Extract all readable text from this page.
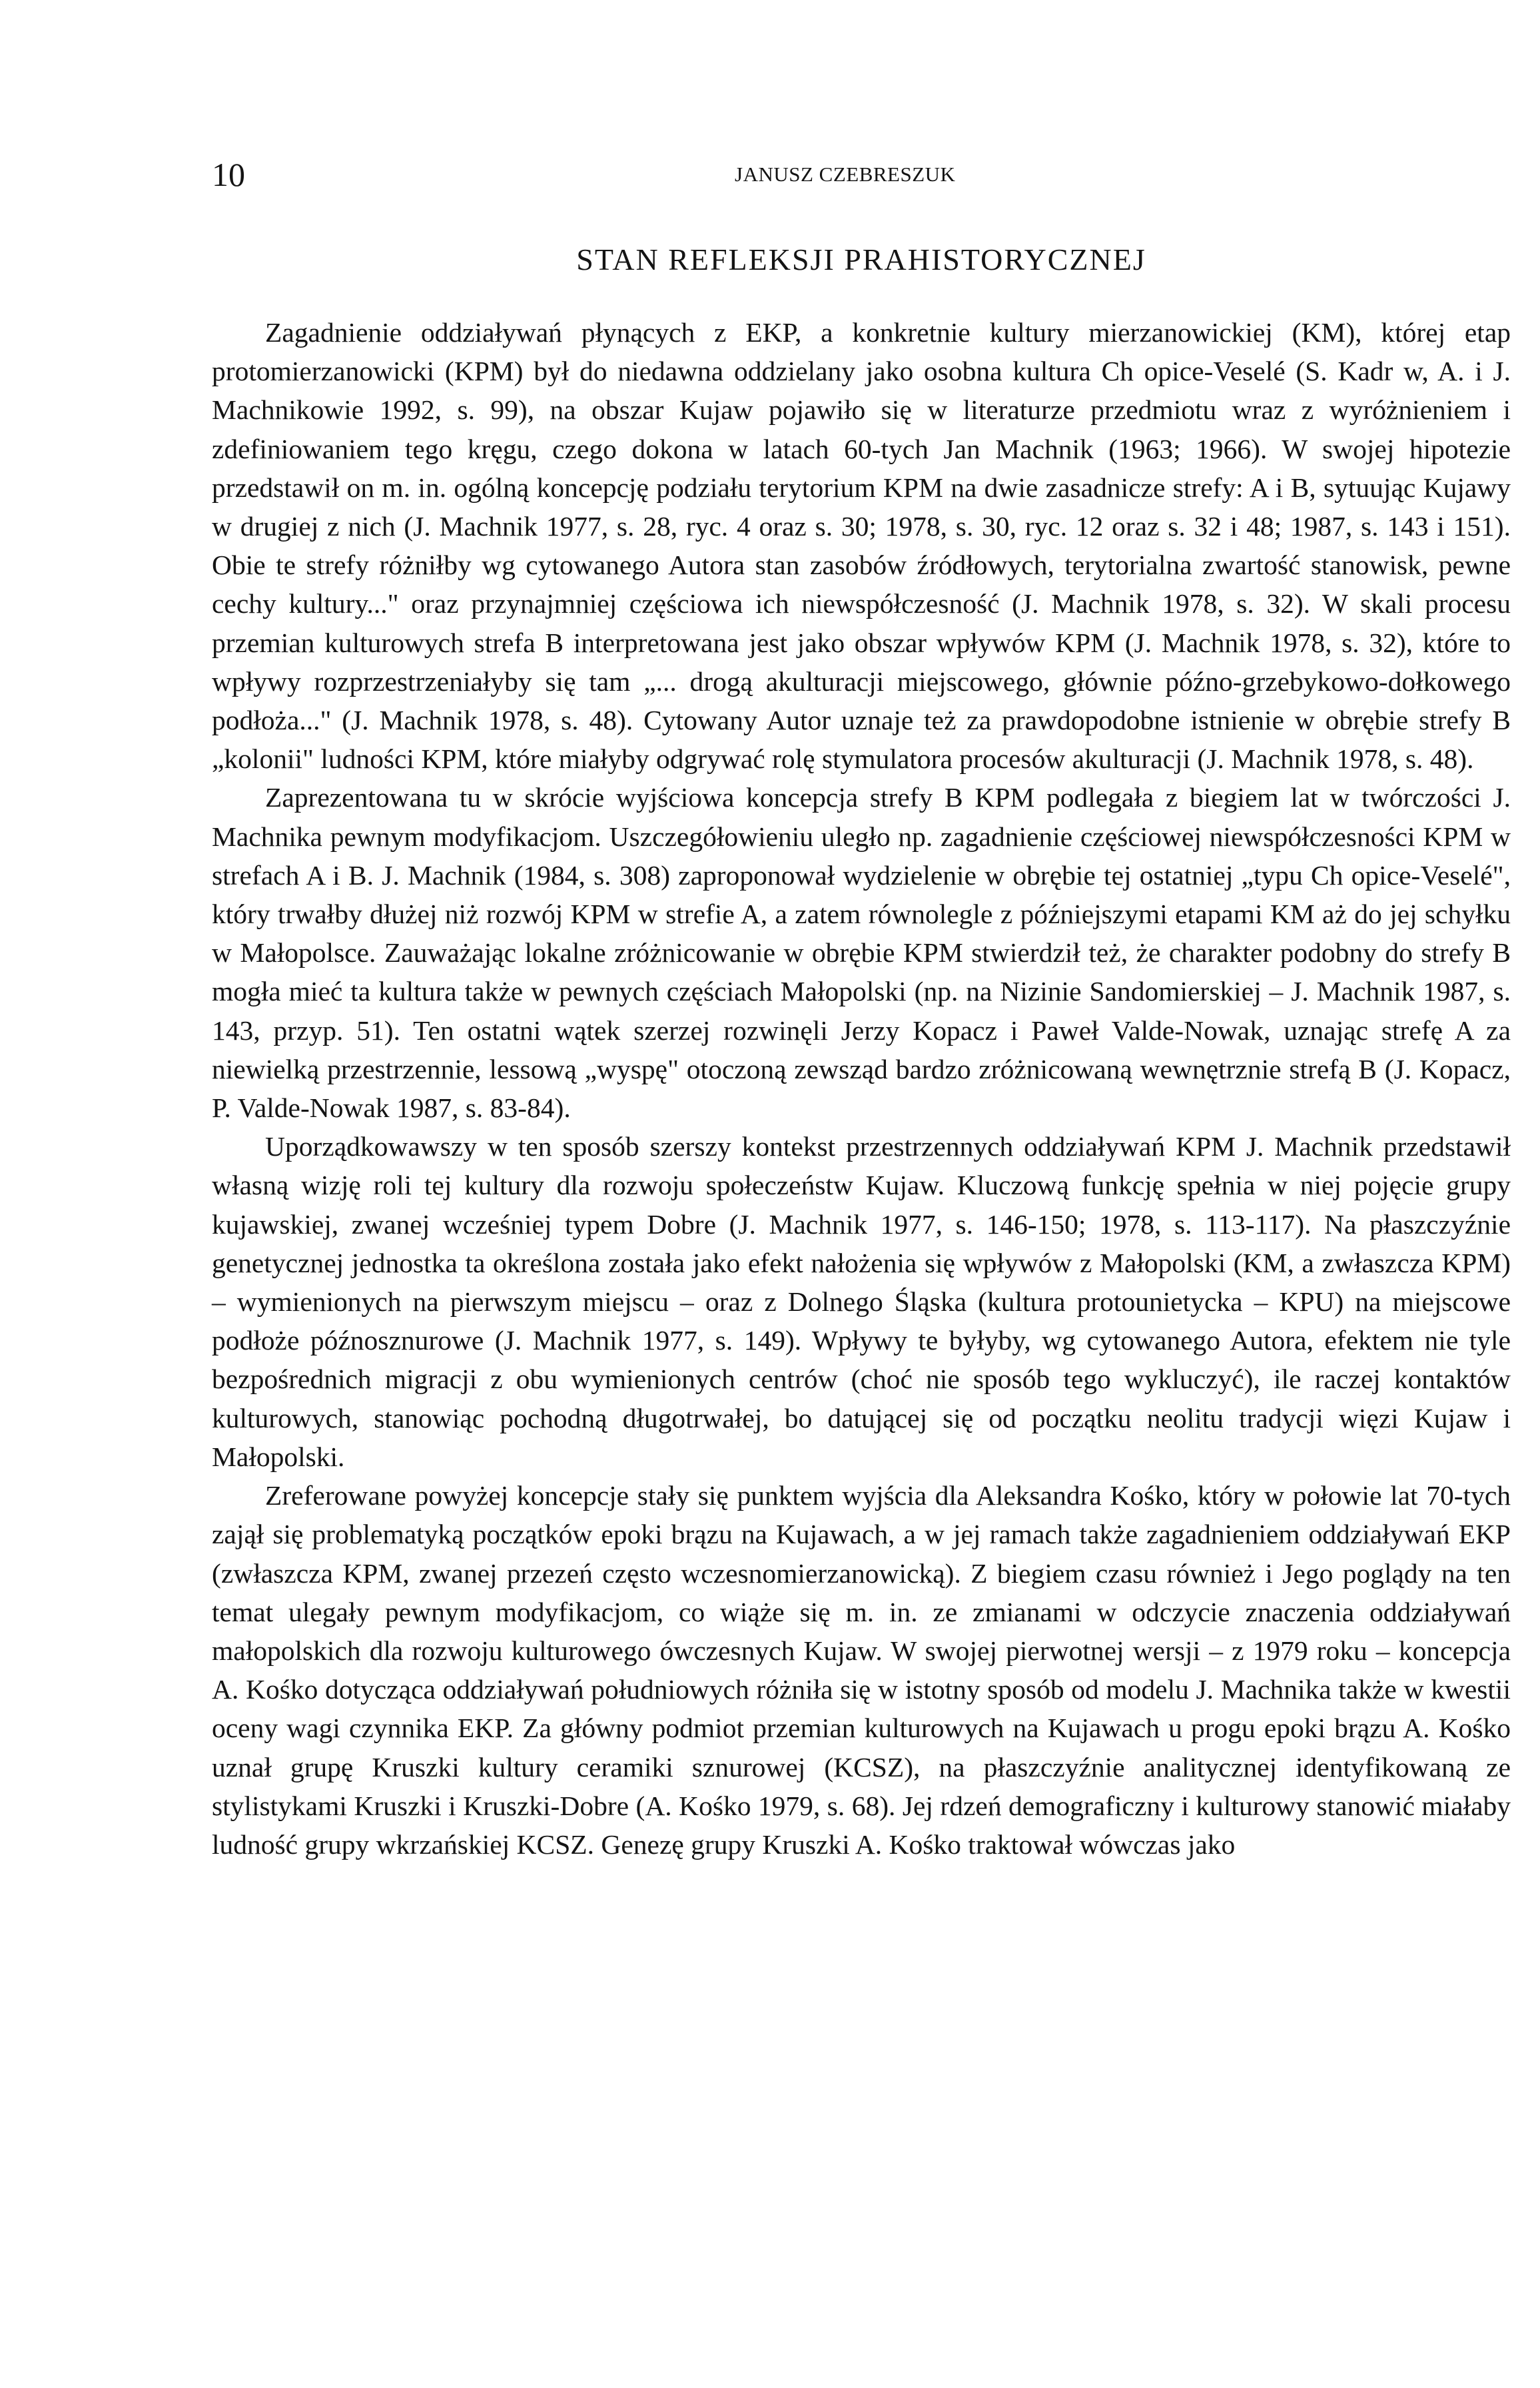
10	JANUSZ CZEBRESZUK
STAN REFLEKSJI PRAHISTORYCZNEJ

Zagadnienie oddziaływań płynących z EKP, a konkretnie kultury mierzanowickiej (KM), której etap protomierzanowicki (KPM) był do niedawna oddzielany jako osobna kultura Ch opice-Veselé (S. Kadr w, A. i J. Machnikowie 1992, s. 99), na obszar Kujaw pojawiło się w literaturze przedmiotu wraz z wyróżnieniem i zdefiniowaniem tego kręgu, czego dokona w latach 60-tych Jan Machnik (1963; 1966). W swojej hipotezie przedstawił on m. in. ogólną koncepcję podziału terytorium KPM na dwie zasadnicze strefy: A i B, sytuując Kujawy w drugiej z nich (J. Machnik 1977, s. 28, ryc. 4 oraz s. 30; 1978, s. 30, ryc. 12 oraz s. 32 i 48; 1987, s. 143 i 151). Obie te strefy różniłby wg cytowanego Autora stan zasobów źródłowych, terytorialna zwartość stanowisk, pewne cechy kultury..." oraz przynajmniej częściowa ich niewspółczesność (J. Machnik 1978, s. 32). W skali procesu przemian kulturowych strefa B interpretowana jest jako obszar wpływów KPM (J. Machnik 1978, s. 32), które to wpływy rozprzestrzeniałyby się tam „... drogą akulturacji miejscowego, głównie późno-grzebykowo-dołkowego podłoża..." (J. Machnik 1978, s. 48). Cytowany Autor uznaje też za prawdopodobne istnienie w obrębie strefy B „kolonii" ludności KPM, które miałyby odgrywać rolę stymulatora procesów akulturacji (J. Machnik 1978, s. 48).

Zaprezentowana tu w skrócie wyjściowa koncepcja strefy B KPM podlegała z biegiem lat w twórczości J. Machnika pewnym modyfikacjom. Uszczegółowieniu uległo np. zagadnienie częściowej niewspółczesności KPM w strefach A i B. J. Machnik (1984, s. 308) zaproponował wydzielenie w obrębie tej ostatniej „typu Ch opice-Veselé", który trwałby dłużej niż rozwój KPM w strefie A, a zatem równolegle z późniejszymi etapami KM aż do jej schyłku w Małopolsce. Zauważając lokalne zróżnicowanie w obrębie KPM stwierdził też, że charakter podobny do strefy B mogła mieć ta kultura także w pewnych częściach Małopolski (np. na Nizinie Sandomierskiej – J. Machnik 1987, s. 143, przyp. 51). Ten ostatni wątek szerzej rozwinęli Jerzy Kopacz i Paweł Valde-Nowak, uznając strefę A za niewielką przestrzennie, lessową „wyspę" otoczoną zewsząd bardzo zróżnicowaną wewnętrznie strefą B (J. Kopacz, P. Valde-Nowak 1987, s. 83-84).

Uporządkowawszy w ten sposób szerszy kontekst przestrzennych oddziaływań KPM J. Machnik przedstawił własną wizję roli tej kultury dla rozwoju społeczeństw Kujaw. Kluczową funkcję spełnia w niej pojęcie grupy kujawskiej, zwanej wcześniej typem Dobre (J. Machnik 1977, s. 146-150; 1978, s. 113-117). Na płaszczyźnie genetycznej jednostka ta określona została jako efekt nałożenia się wpływów z Małopolski (KM, a zwłaszcza KPM) – wymienionych na pierwszym miejscu – oraz z Dolnego Śląska (kultura protounietycka – KPU) na miejscowe podłoże późnosznurowe (J. Machnik 1977, s. 149). Wpływy te byłyby, wg cytowanego Autora, efektem nie tyle bezpośrednich migracji z obu wymienionych centrów (choć nie sposób tego wykluczyć), ile raczej kontaktów kulturowych, stanowiąc pochodną długotrwałej, bo datującej się od początku neolitu tradycji więzi Kujaw i Małopolski.

Zreferowane powyżej koncepcje stały się punktem wyjścia dla Aleksandra Kośko, który w połowie lat 70-tych zajął się problematyką początków epoki brązu na Kujawach, a w jej ramach także zagadnieniem oddziaływań EKP (zwłaszcza KPM, zwanej przezeń często wczesnomierzanowicką). Z biegiem czasu również i Jego poglądy na ten temat ulegały pewnym modyfikacjom, co wiąże się m. in. ze zmianami w odczycie znaczenia oddziaływań małopolskich dla rozwoju kulturowego ówczesnych Kujaw. W swojej pierwotnej wersji – z 1979 roku – koncepcja A. Kośko dotycząca oddziaływań południowych różniła się w istotny sposób od modelu J. Machnika także w kwestii oceny wagi czynnika EKP. Za główny podmiot przemian kulturowych na Kujawach u progu epoki brązu A. Kośko uznał grupę Kruszki kultury ceramiki sznurowej (KCSZ), na płaszczyźnie analitycznej identyfikowaną ze stylistykami Kruszki i Kruszki-Dobre (A. Kośko 1979, s. 68). Jej rdzeń demograficzny i kulturowy stanowić miałaby ludność grupy wkrzańskiej KCSZ. Genezę grupy Kruszki A. Kośko traktował wówczas jako
